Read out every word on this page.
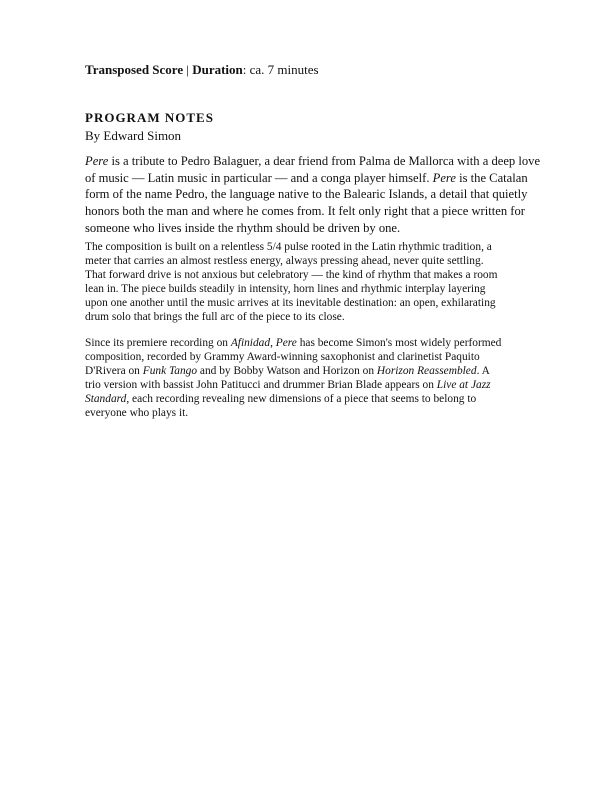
Transposed Score | Duration: ca. 7 minutes
PROGRAM NOTES
By Edward Simon
Pere is a tribute to Pedro Balaguer, a dear friend from Palma de Mallorca with a deep love
of music — Latin music in particular — and a conga player himself. Pere is the Catalan
form of the name Pedro, the language native to the Balearic Islands, a detail that quietly
honors both the man and where he comes from. It felt only right that a piece written for
someone who lives inside the rhythm should be driven by one.
The composition is built on a relentless 5/4 pulse rooted in the Latin rhythmic tradition, a
meter that carries an almost restless energy, always pressing ahead, never quite settling.
That forward drive is not anxious but celebratory — the kind of rhythm that makes a room
lean in. The piece builds steadily in intensity, horn lines and rhythmic interplay layering
upon one another until the music arrives at its inevitable destination: an open, exhilarating
drum solo that brings the full arc of the piece to its close.
Since its premiere recording on Afinidad, Pere has become Simon's most widely performed
composition, recorded by Grammy Award-winning saxophonist and clarinetist Paquito
D'Rivera on Funk Tango and by Bobby Watson and Horizon on Horizon Reassembled. A
trio version with bassist John Patitucci and drummer Brian Blade appears on Live at Jazz
Standard, each recording revealing new dimensions of a piece that seems to belong to
everyone who plays it.
